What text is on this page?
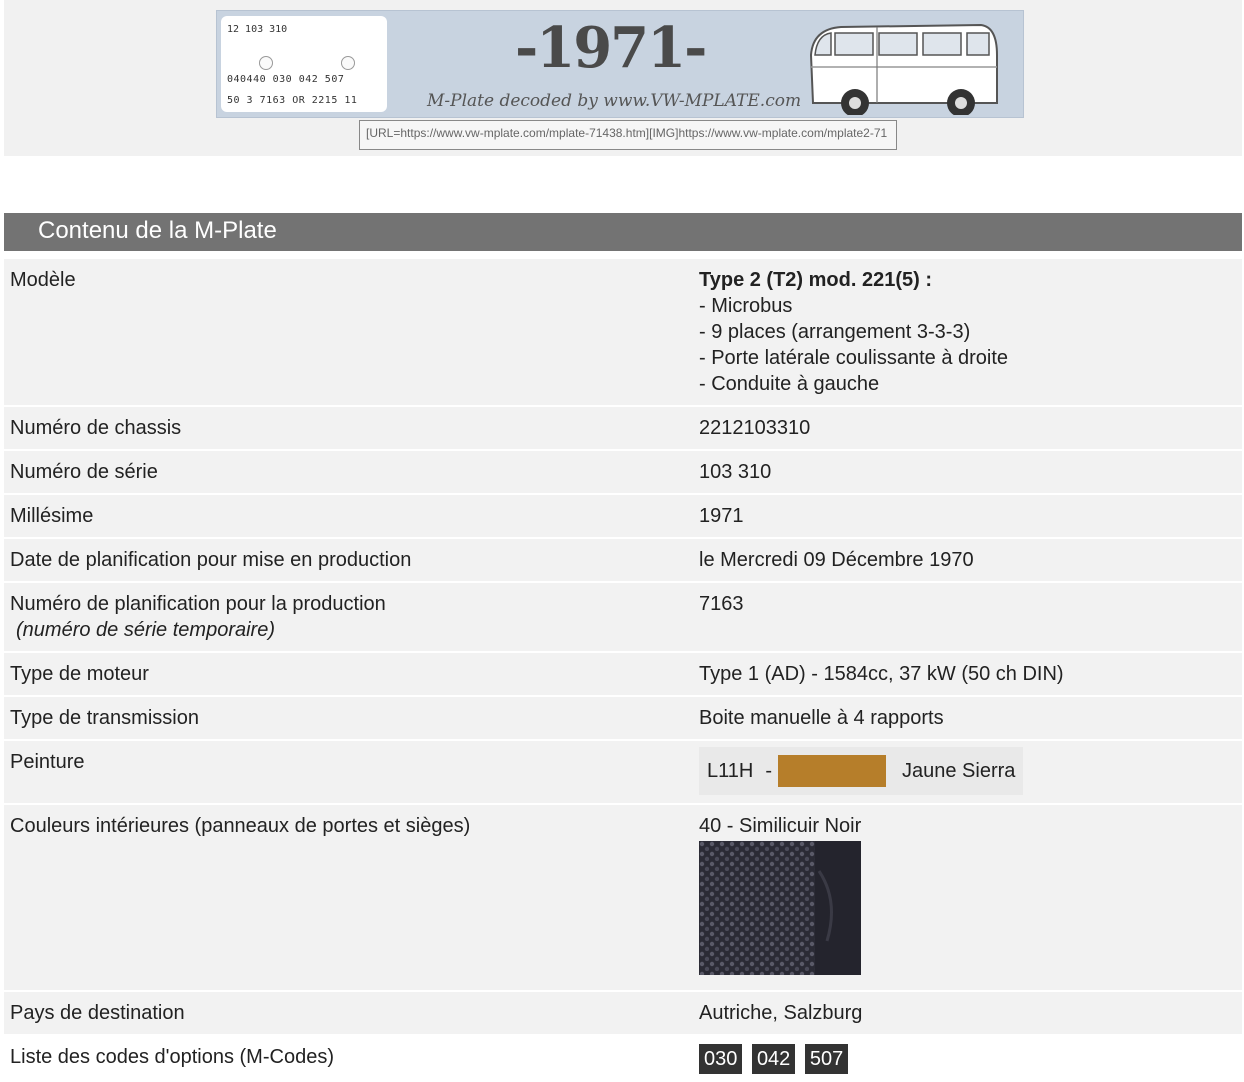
12 103 310
040440 030 042 507
50 3 7163 OR 2215 11
-1971-
M-Plate decoded by www.VW-MPLATE.com
[URL=https://www.vw-mplate.com/mplate-71438.htm][IMG]https://www.vw-mplate.com/mplate2-71
Contenu de la M-Plate
Modèle	Type 2 (T2) mod. 221(5) :
- Microbus
- 9 places (arrangement 3-3-3)
- Porte latérale coulissante à droite
- Conduite à gauche

Numéro de chassis	2212103310
Numéro de série	103 310
Millésime	1971
Date de planification pour mise en production	le Mercredi 09 Décembre 1970

Numéro de planification pour la production
(numéro de série temporaire)	7163
Type de moteur	Type 1 (AD) - 1584cc, 37 kW (50 ch DIN)
Type de transmission	Boite manuelle à 4 rapports
Peinture	L11H - Jaune Sierra

Couleurs intérieures (panneaux de portes et sièges)	40 - Similicuir Noir

Pays de destination	Autriche, Salzburg
Liste des codes d'options (M-Codes)	030 042 507
